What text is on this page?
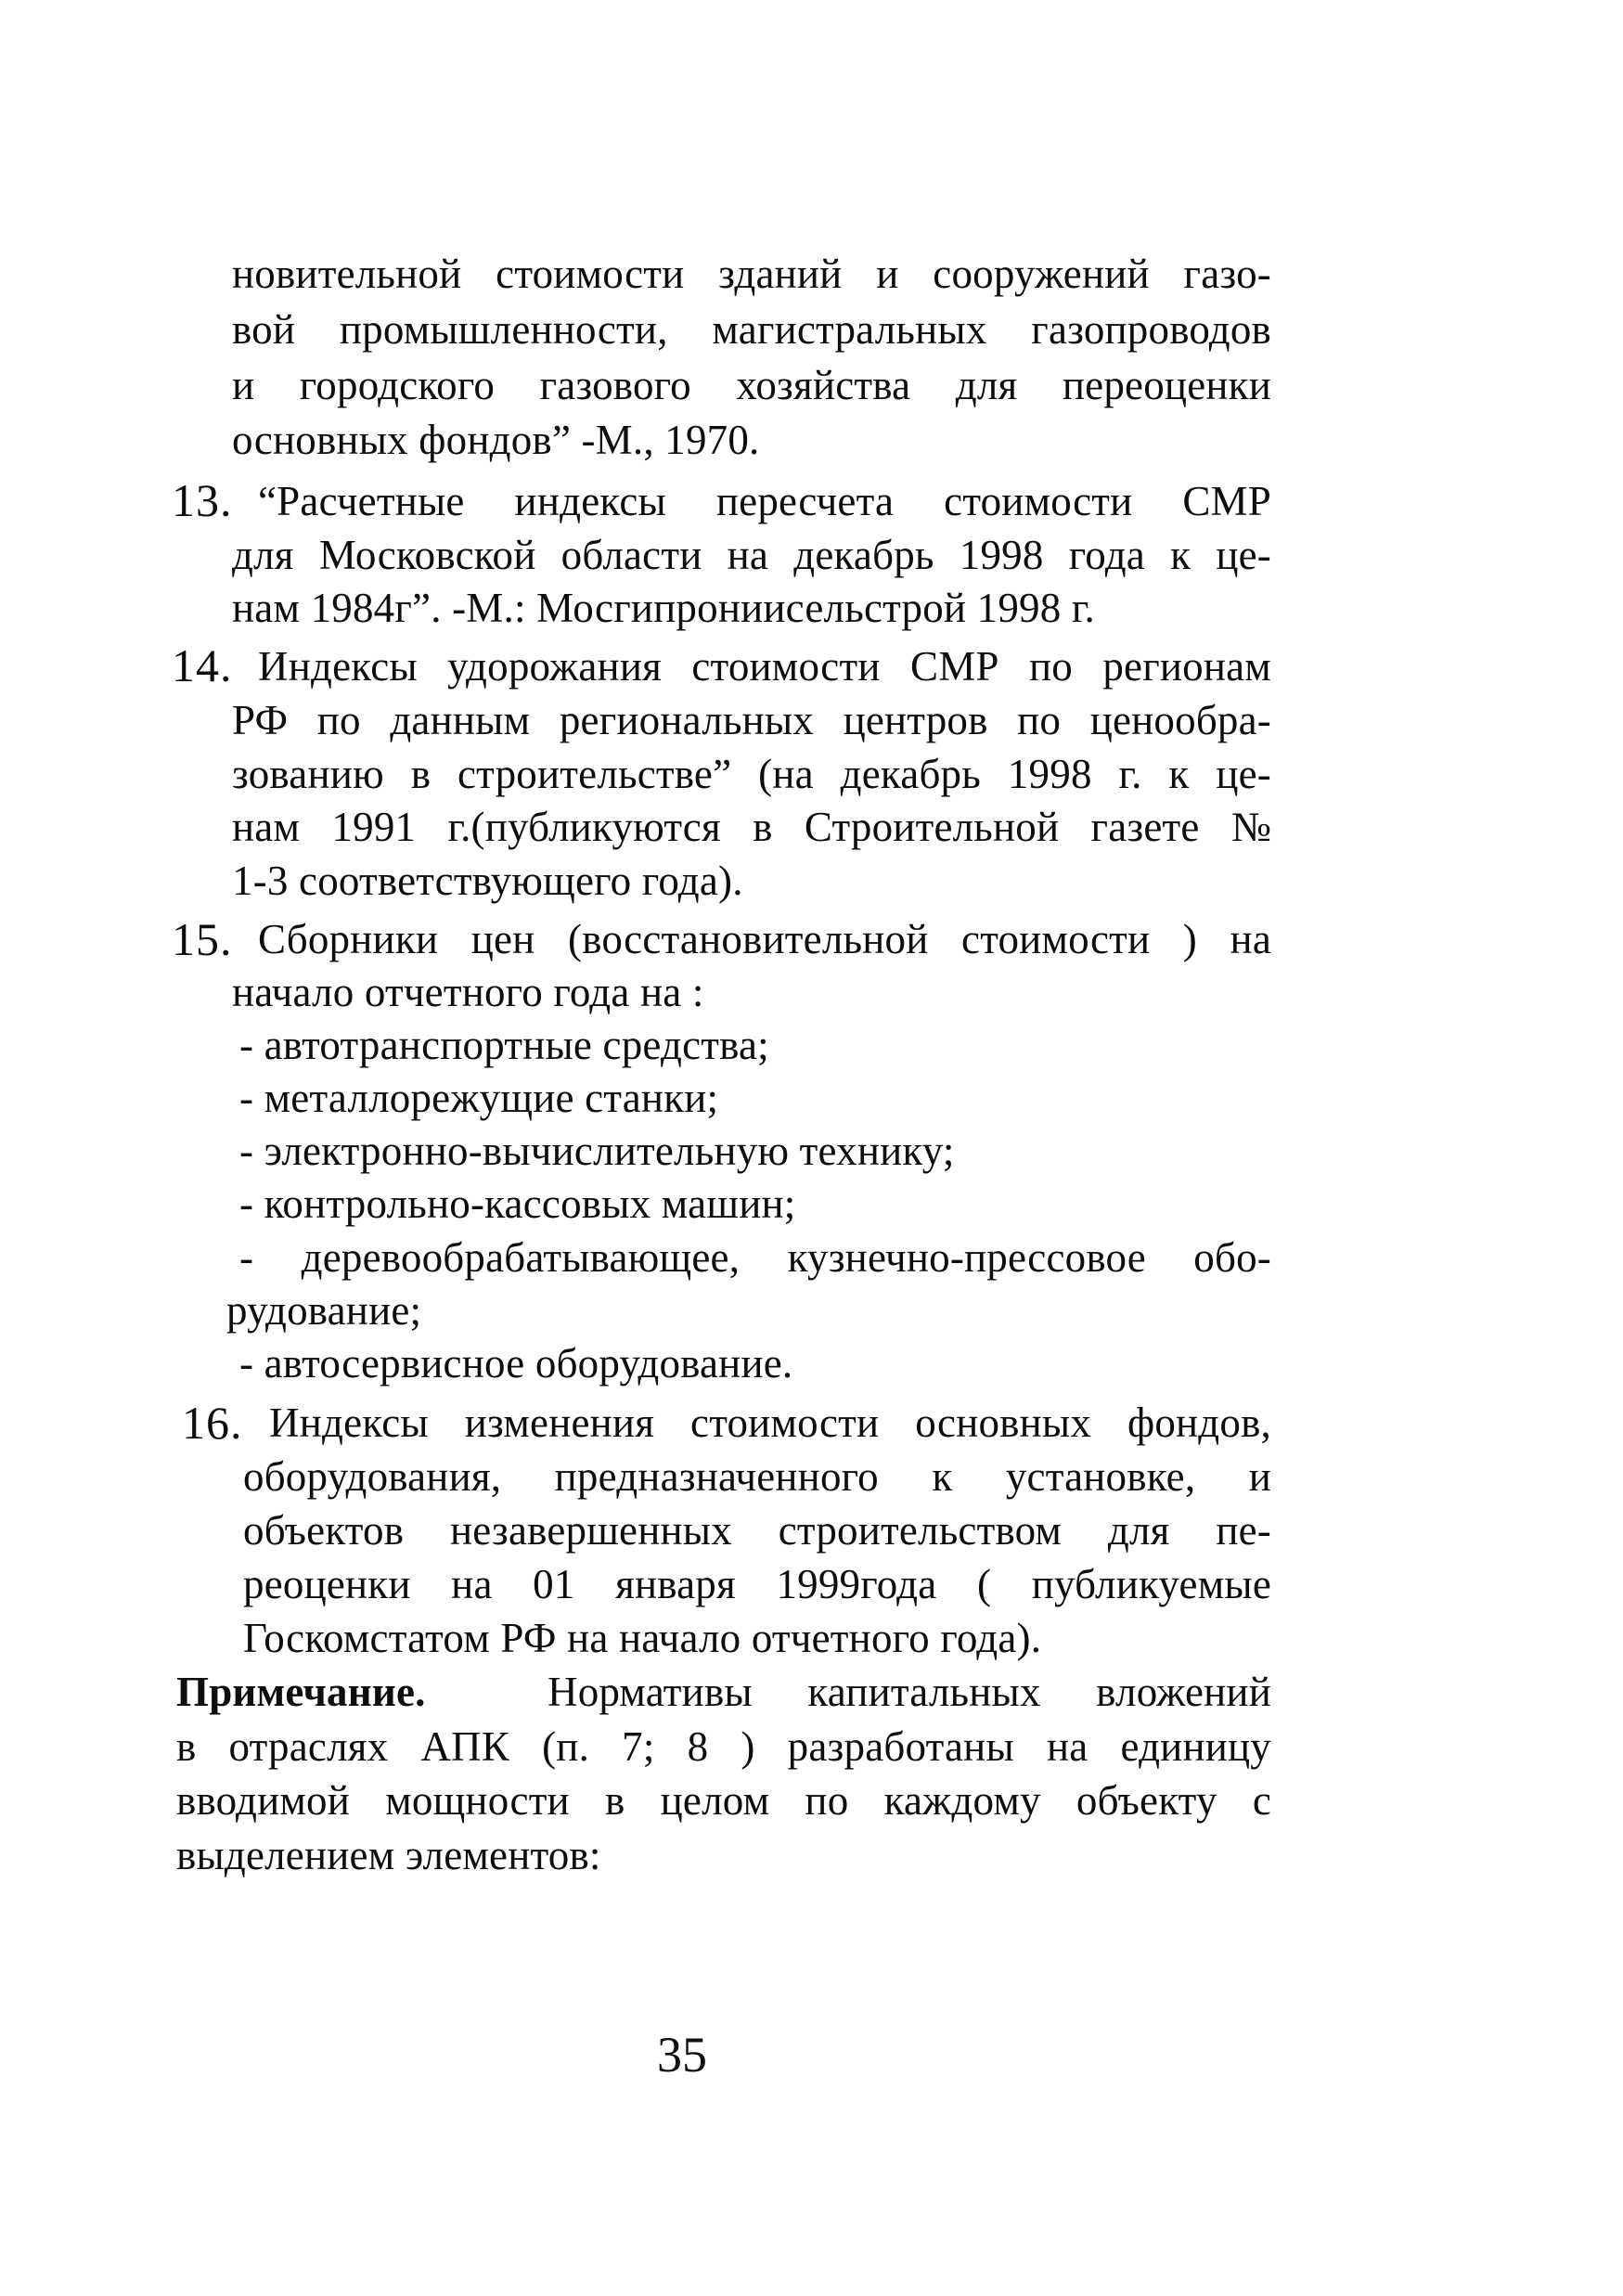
новительной стоимости зданий и сооружений газо-
вой промышленности, магистральных газопроводов
и городского газового хозяйства для переоценки
основных фондов” -М., 1970.
13. “Расчетные индексы пересчета стоимости СМР
для Московской области на декабрь 1998 года к це-
нам 1984г”. -М.: Мосгипрониисельстрой 1998 г.
14. Индексы удорожания стоимости СМР по регионам
РФ по данным региональных центров по ценообра-
зованию в строительстве” (на декабрь 1998 г. к це-
нам 1991 г.(публикуются в Строительной газете №
1-3 соответствующего года).
15. Сборники цен (восстановительной стоимости ) на
начало отчетного года на :
- автотранспортные средства;
- металлорежущие станки;
- электронно-вычислительную технику;
- контрольно-кассовых машин;
- деревообрабатывающее, кузнечно-прессовое обо-
рудование;
- автосервисное оборудование.
16. Индексы изменения стоимости основных фондов,
оборудования, предназначенного к установке, и
объектов незавершенных строительством для пе-
реоценки на 01 января 1999года ( публикуемые
Госкомстатом РФ на начало отчетного года).
Примечание.	Нормативы капитальных вложений
в отраслях АПК (п. 7; 8 ) разработаны на единицу
вводимой мощности в целом по каждому объекту с
выделением элементов:
35
